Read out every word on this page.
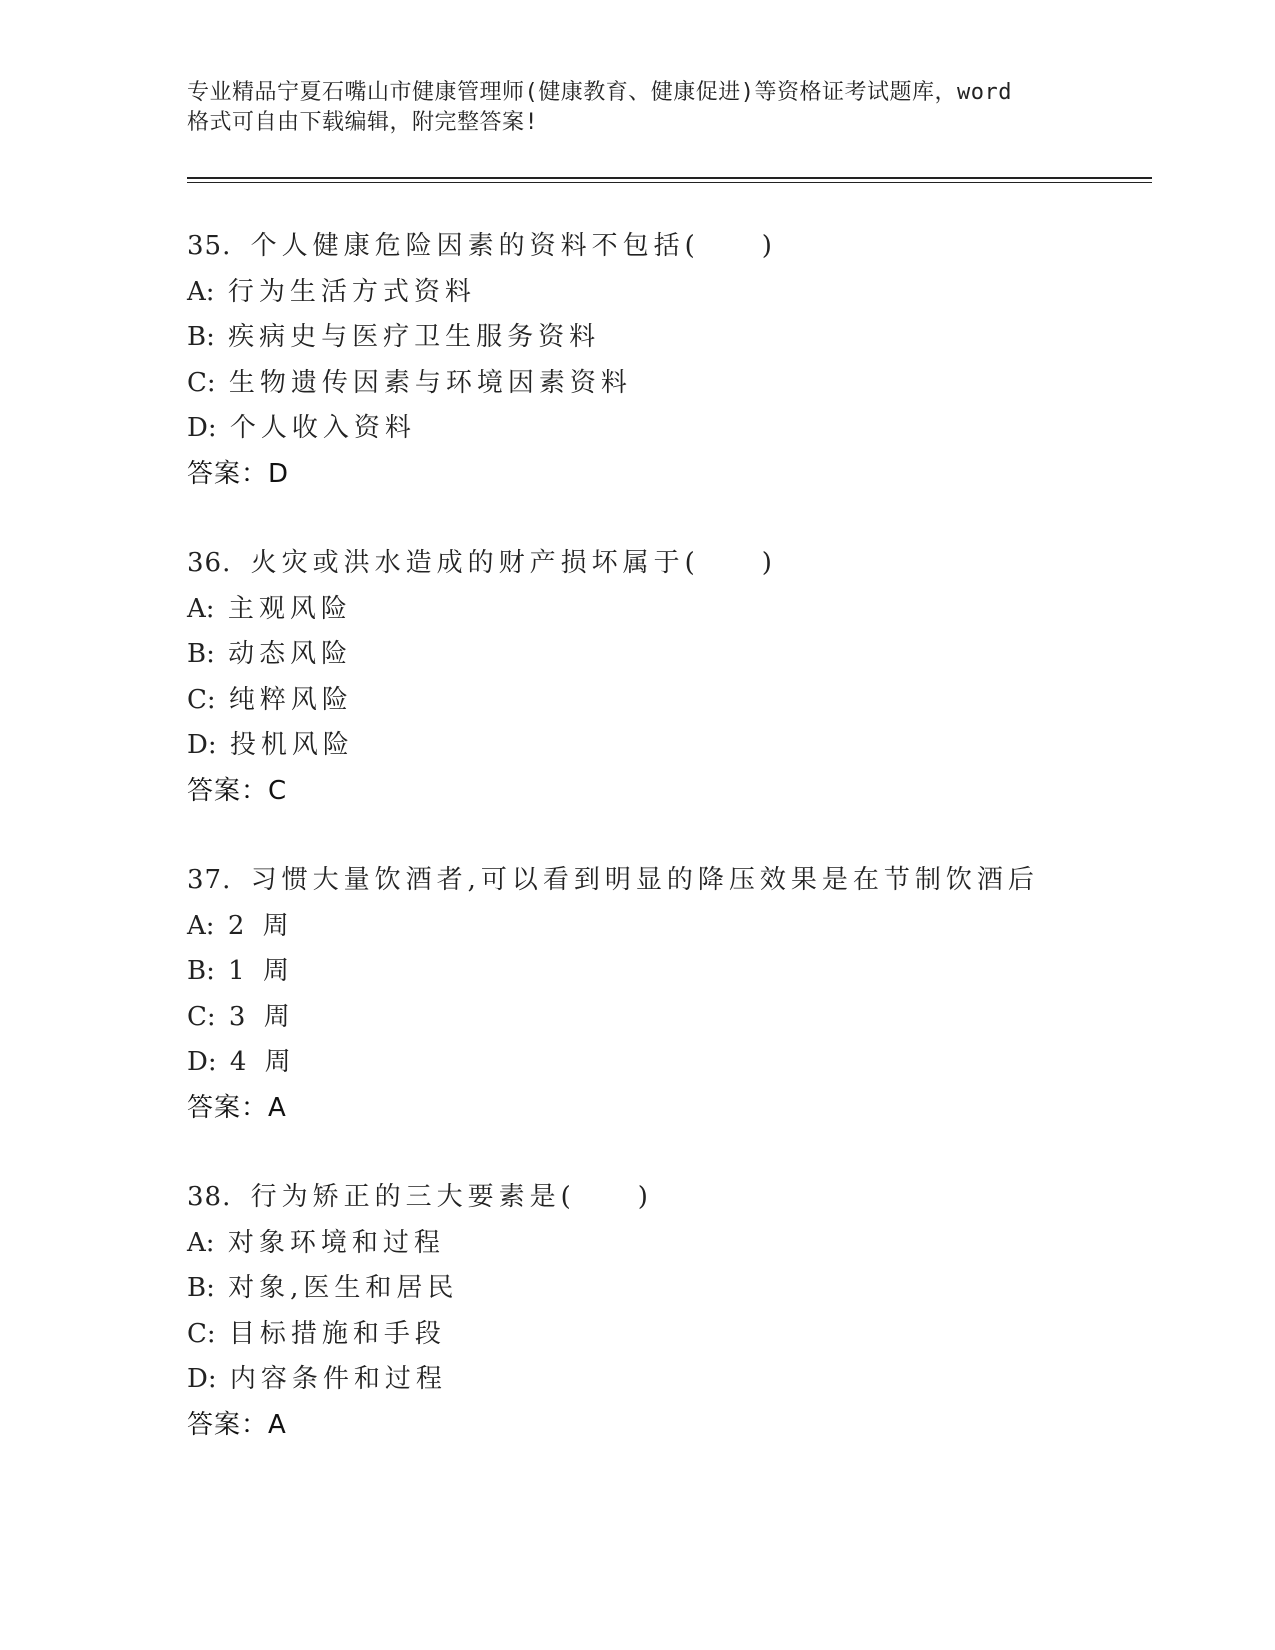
专业精品宁夏石嘴山市健康管理师(健康教育、健康促进)等资格证考试题库，word
格式可自由下载编辑，附完整答案!
35. 个人健康危险因素的资料不包括(　　)
A: 行为生活方式资料
B: 疾病史与医疗卫生服务资料
C: 生物遗传因素与环境因素资料
D: 个人收入资料
答案：D
36. 火灾或洪水造成的财产损坏属于(　　)
A: 主观风险
B: 动态风险
C: 纯粹风险
D: 投机风险
答案：C
37. 习惯大量饮酒者,可以看到明显的降压效果是在节制饮酒后
A: 2 周
B: 1 周
C: 3 周
D: 4 周
答案：A
38. 行为矫正的三大要素是(　　)
A: 对象环境和过程
B: 对象,医生和居民
C: 目标措施和手段
D: 内容条件和过程
答案：A
